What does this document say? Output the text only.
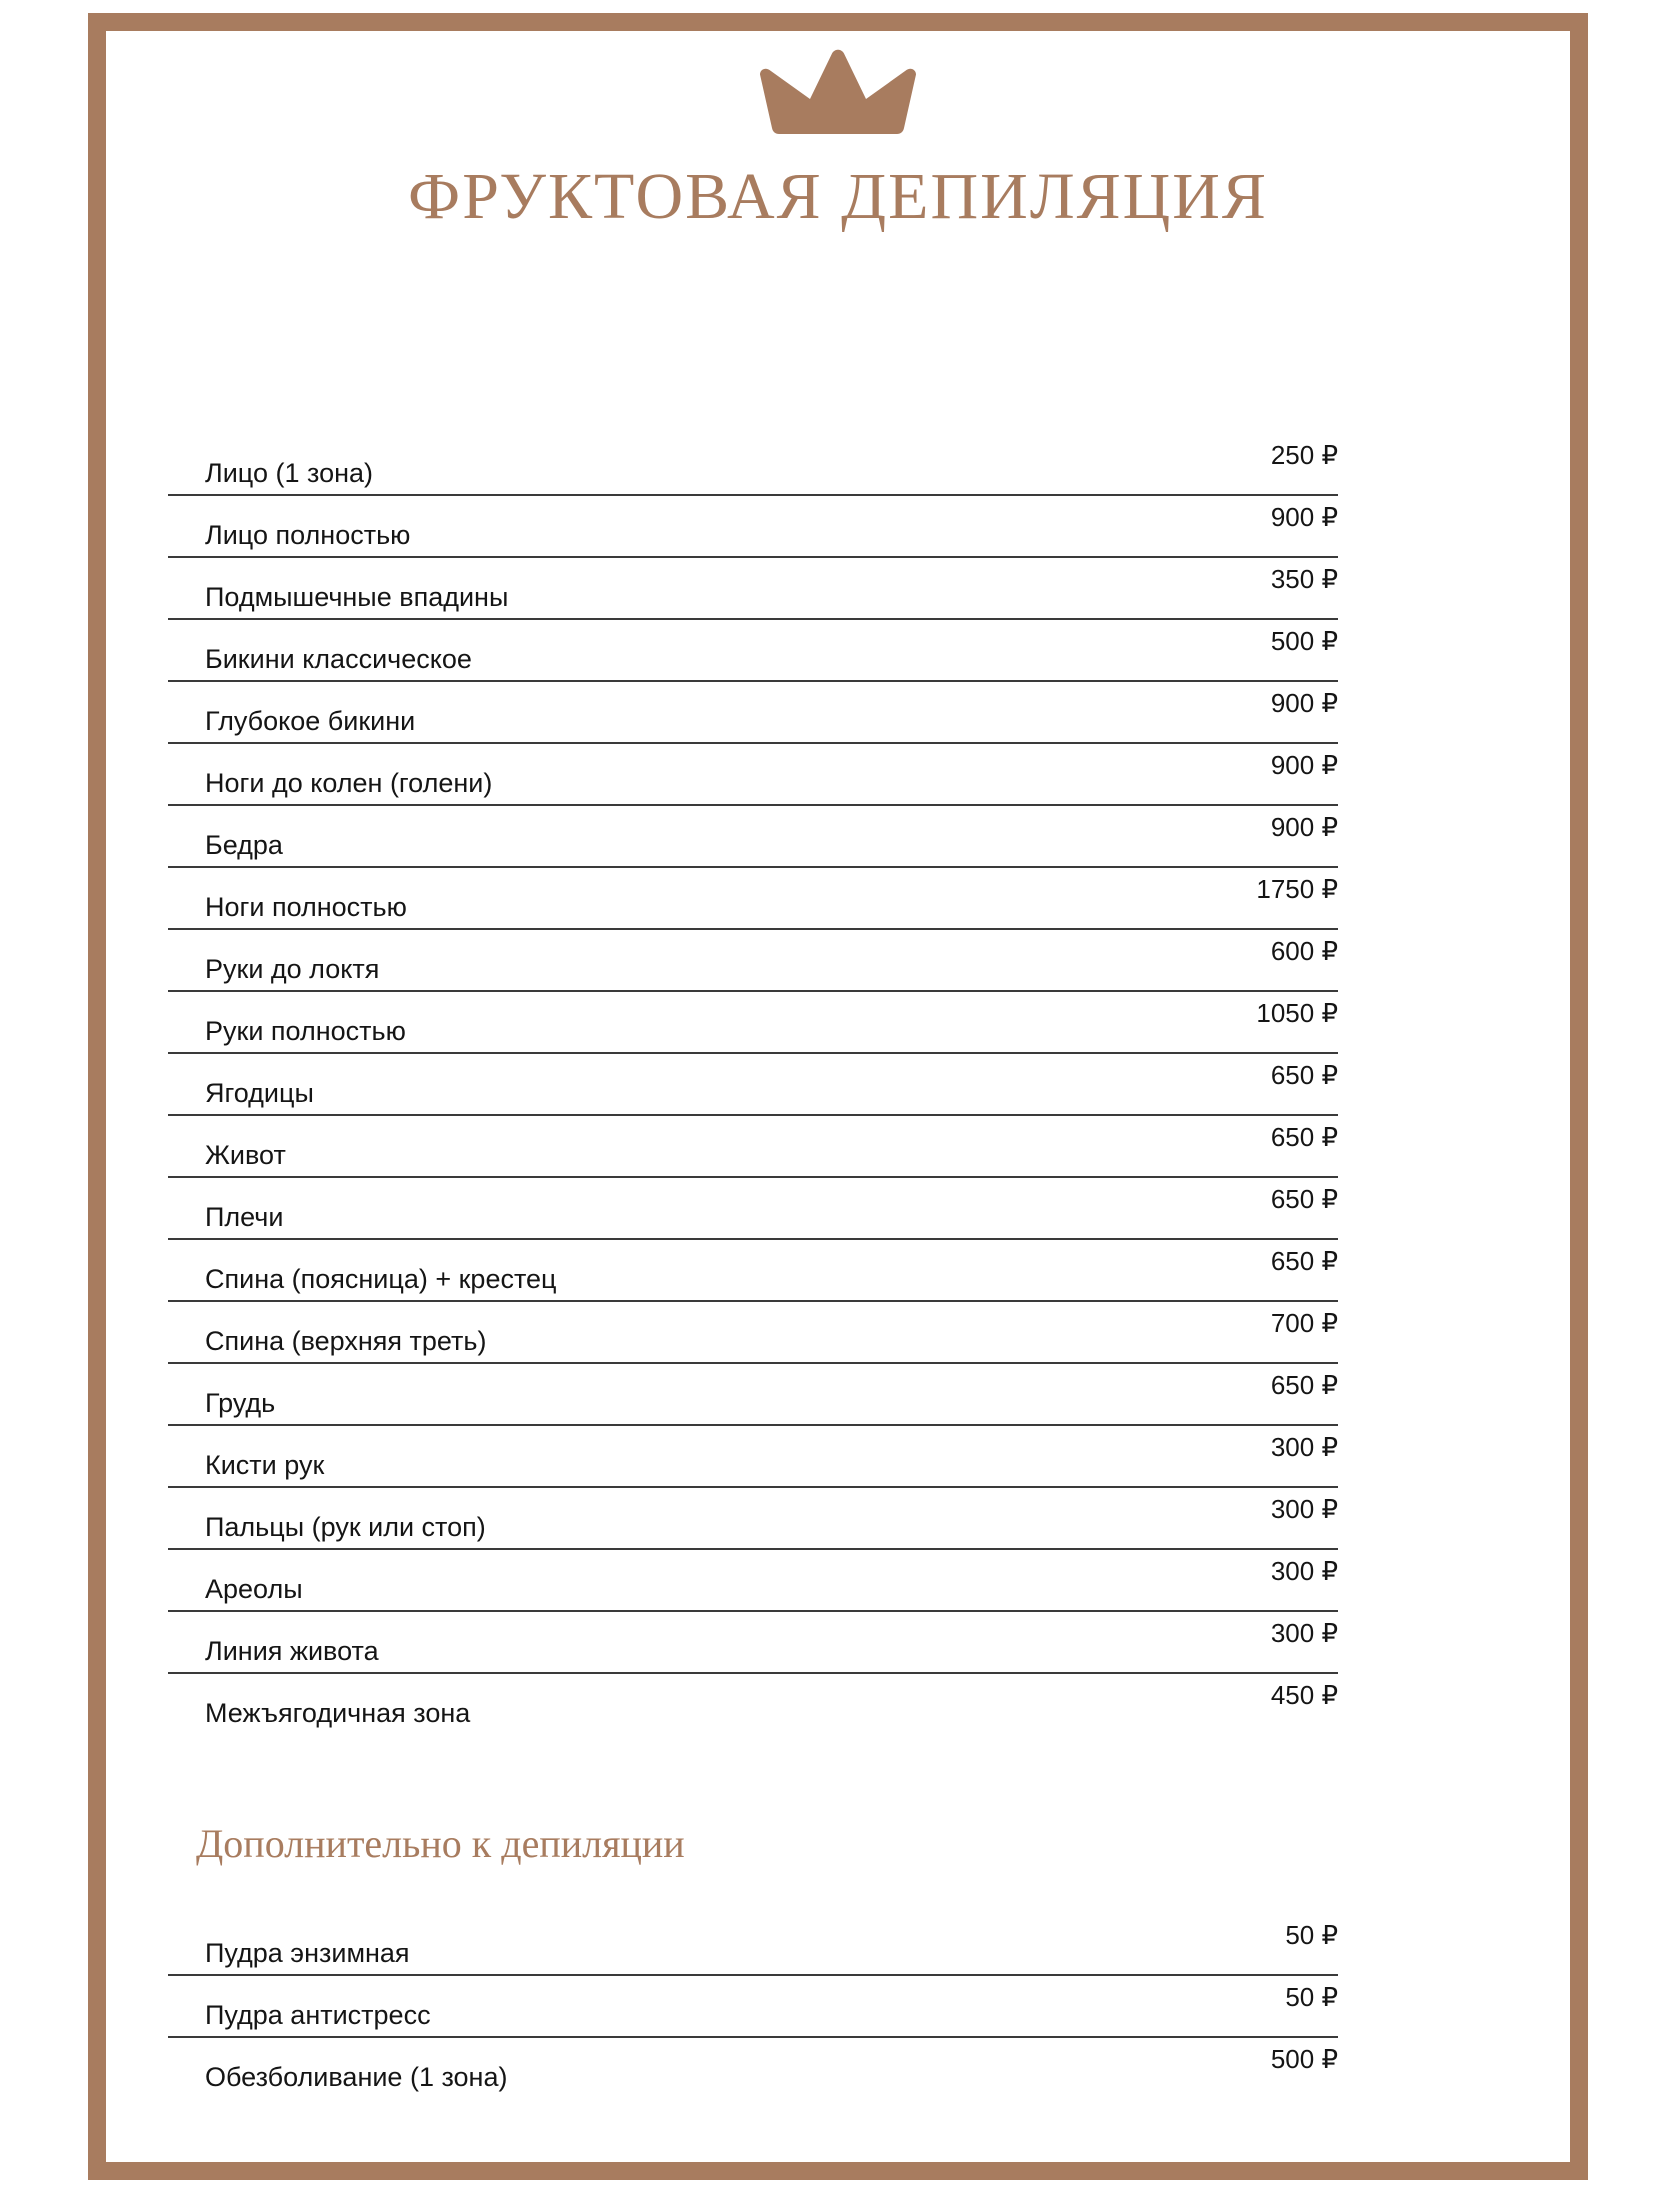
ФРУКТОВАЯ ДЕПИЛЯЦИЯ
Лицо (1 зона)
250 ₽
Лицо полностью
900 ₽
Подмышечные впадины
350 ₽
Бикини классическое
500 ₽
Глубокое бикини
900 ₽
Ноги до колен (голени)
900 ₽
Бедра
900 ₽
Ноги полностью
1750 ₽
Руки до локтя
600 ₽
Руки полностью
1050 ₽
Ягодицы
650 ₽
Живот
650 ₽
Плечи
650 ₽
Спина (поясница) + крестец
650 ₽
Спина (верхняя треть)
700 ₽
Грудь
650 ₽
Кисти рук
300 ₽
Пальцы (рук или стоп)
300 ₽
Ареолы
300 ₽
Линия живота
300 ₽
Межъягодичная зона
450 ₽
Дополнительно к депиляции
Пудра энзимная
50 ₽
Пудра антистресс
50 ₽
Обезболивание (1 зона)
500 ₽
